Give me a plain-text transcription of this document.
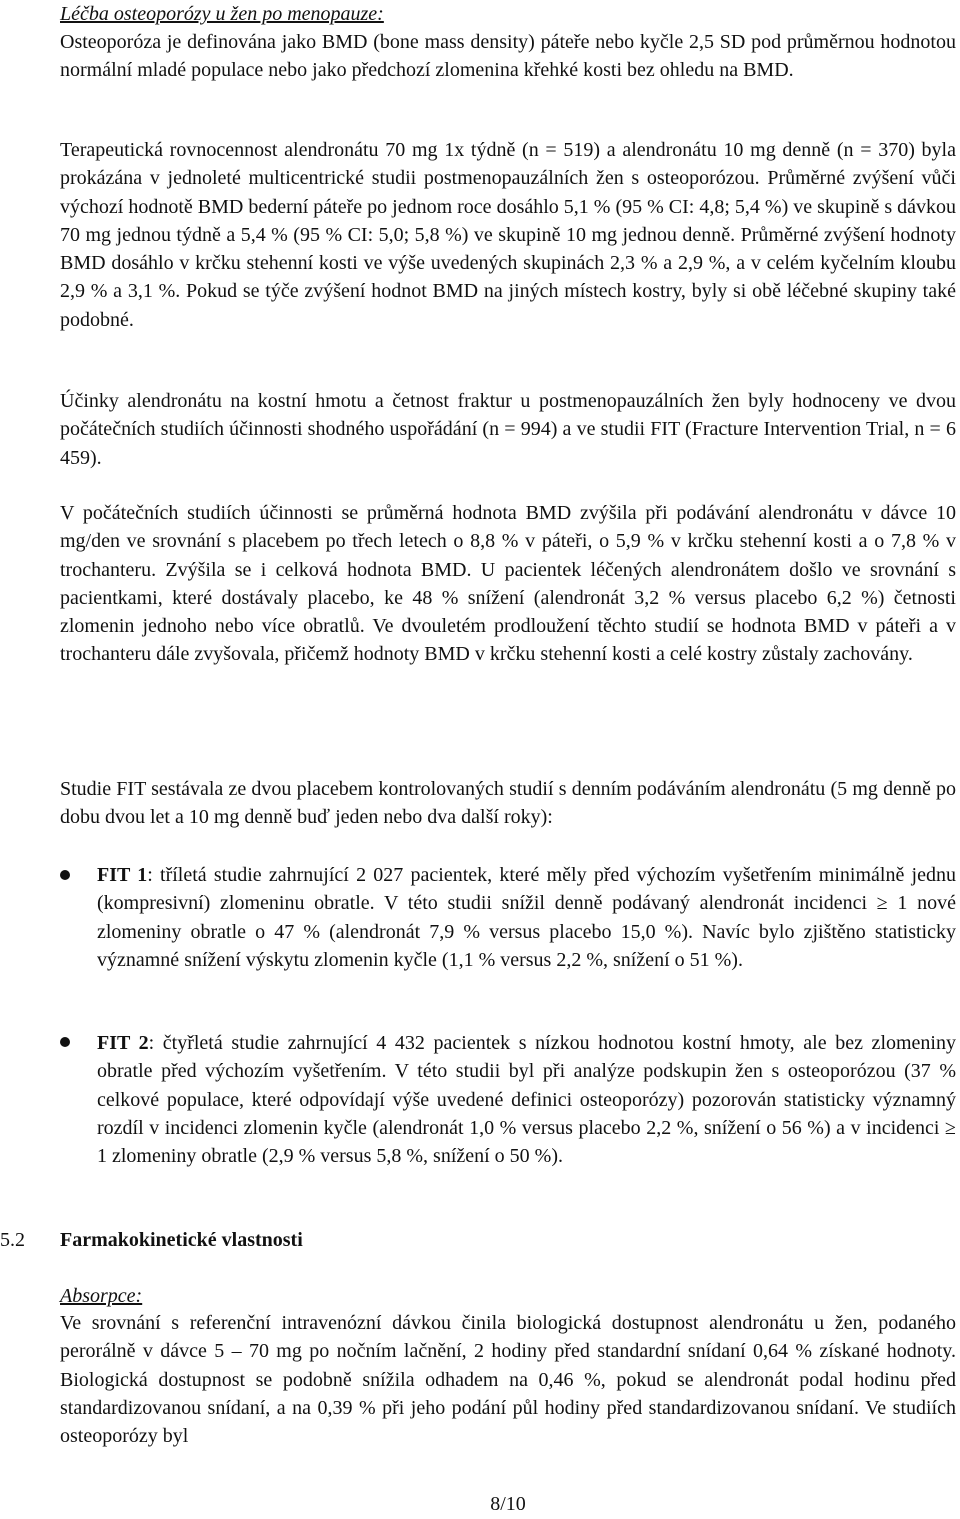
Léčba osteoporózy u žen po menopauze:

Osteoporóza je definována jako BMD (bone mass density) páteře nebo kyčle 2,5 SD pod průměrnou hodnotou normální mladé populace nebo jako předchozí zlomenina křehké kosti bez ohledu na BMD.

Terapeutická rovnocennost alendronátu 70 mg 1x týdně (n = 519) a alendronátu 10 mg denně (n = 370) byla prokázána v jednoleté multicentrické studii postmenopauzálních žen s osteoporózou. Průměrné zvýšení vůči výchozí hodnotě BMD bederní páteře po jednom roce dosáhlo 5,1 % (95 % CI: 4,8; 5,4 %) ve skupině s dávkou 70 mg jednou týdně a 5,4 % (95 % CI: 5,0; 5,8 %) ve skupině 10 mg jednou denně. Průměrné zvýšení hodnoty BMD dosáhlo v krčku stehenní kosti ve výše uvedených skupinách 2,3 % a 2,9 %, a v celém kyčelním kloubu 2,9 % a 3,1 %. Pokud se týče zvýšení hodnot BMD na jiných místech kostry, byly si obě léčebné skupiny také podobné.

Účinky alendronátu na kostní hmotu a četnost fraktur u postmenopauzálních žen byly hodnoceny ve dvou počátečních studiích účinnosti shodného uspořádání (n = 994) a ve studii FIT (Fracture Intervention Trial, n = 6 459).

V počátečních studiích účinnosti se průměrná hodnota BMD zvýšila při podávání alendronátu v dávce 10 mg/den ve srovnání s placebem po třech letech o 8,8 % v páteři, o 5,9 % v krčku stehenní kosti a o 7,8 % v trochanteru. Zvýšila se i celková hodnota BMD. U pacientek léčených alendronátem došlo ve srovnání s pacientkami, které dostávaly placebo, ke 48 % snížení (alendronát 3,2 % versus placebo 6,2 %) četnosti zlomenin jednoho nebo více obratlů. Ve dvouletém prodloužení těchto studií se hodnota BMD v páteři a v trochanteru dále zvyšovala, přičemž hodnoty BMD v krčku stehenní kosti a celé kostry zůstaly zachovány.

Studie FIT sestávala ze dvou placebem kontrolovaných studií s denním podáváním alendronátu (5 mg denně po dobu dvou let a 10 mg denně buď jeden nebo dva další roky):

FIT 1: tříletá studie zahrnující 2 027 pacientek, které měly před výchozím vyšetřením minimálně jednu (kompresivní) zlomeninu obratle. V této studii snížil denně podávaný alendronát incidenci ≥ 1 nové zlomeniny obratle o 47 % (alendronát 7,9 % versus placebo 15,0 %). Navíc bylo zjištěno statisticky významné snížení výskytu zlomenin kyčle (1,1 % versus 2,2 %, snížení o 51 %).

FIT 2: čtyřletá studie zahrnující 4 432 pacientek s nízkou hodnotou kostní hmoty, ale bez zlomeniny obratle před výchozím vyšetřením. V této studii byl při analýze podskupin žen s osteoporózou (37 % celkové populace, které odpovídají výše uvedené definici osteoporózy) pozorován statisticky významný rozdíl v incidenci zlomenin kyčle (alendronát 1,0 % versus placebo 2,2 %, snížení o 56 %) a v incidenci ≥ 1 zlomeniny obratle (2,9 % versus 5,8 %, snížení o 50 %).

5.2 Farmakokinetické vlastnosti
Absorpce:

Ve srovnání s referenční intravenózní dávkou činila biologická dostupnost alendronátu u žen, podaného perorálně v dávce 5 – 70 mg po nočním lačnění, 2 hodiny před standardní snídaní 0,64 % získané hodnoty. Biologická dostupnost se podobně snížila odhadem na 0,46 %, pokud se alendronát podal hodinu před standardizovanou snídaní, a na 0,39 % při jeho podání půl hodiny před standardizovanou snídaní. Ve studiích osteoporózy byl

8/10
